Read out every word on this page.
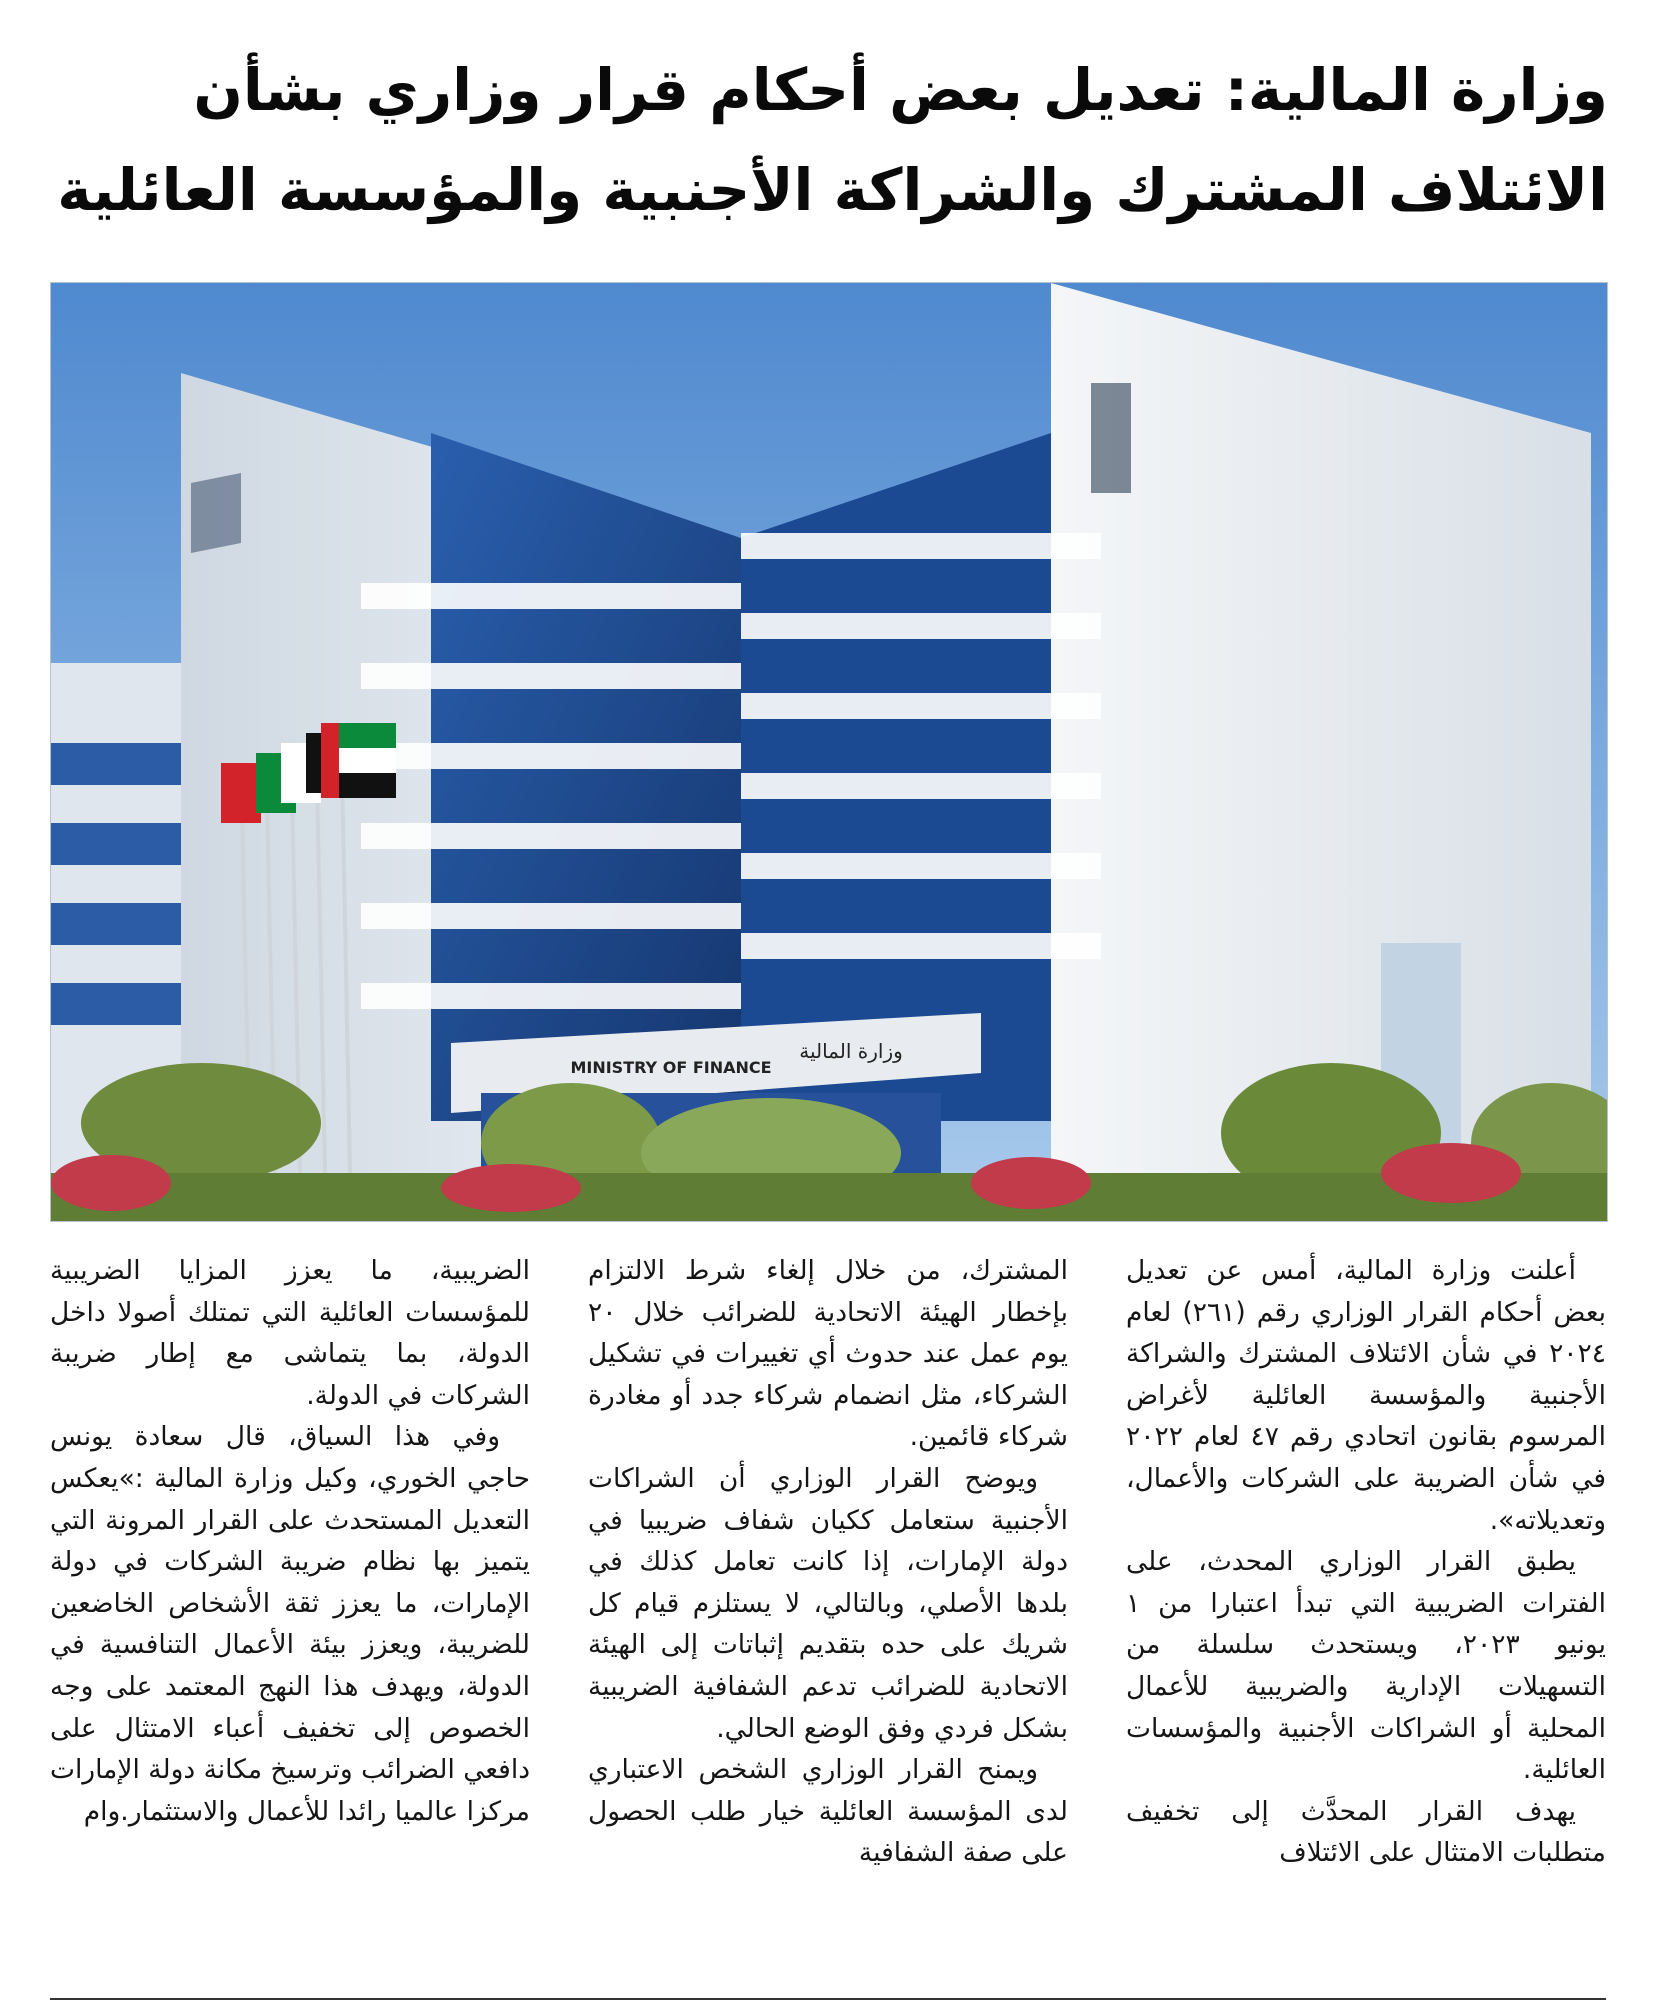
وزارة المالية: تعديل بعض أحكام قرار وزاري بشأن الائتلاف المشترك والشراكة الأجنبية والمؤسسة العائلية
وزارة المالية
MINISTRY OF FINANCE

أعلنت وزارة المالية، أمس عن تعديل بعض أحكام القرار الوزاري رقم (٢٦١) لعام ٢٠٢٤ في شأن الائتلاف المشترك والشراكة الأجنبية والمؤسسة العائلية لأغراض المرسوم بقانون اتحادي رقم ٤٧ لعام ٢٠٢٢ في شأن الضريبة على الشركات والأعمال، وتعديلاته».

يطبق القرار الوزاري المحدث، على الفترات الضريبية التي تبدأ اعتبارا من ١ يونيو ٢٠٢٣، ويستحدث سلسلة من التسهيلات الإدارية والضريبية للأعمال المحلية أو الشراكات الأجنبية والمؤسسات العائلية.

يهدف القرار المحدَّث إلى تخفيف متطلبات الامتثال على الائتلاف

المشترك، من خلال إلغاء شرط الالتزام بإخطار الهيئة الاتحادية للضرائب خلال ٢٠ يوم عمل عند حدوث أي تغييرات في تشكيل الشركاء، مثل انضمام شركاء جدد أو مغادرة شركاء قائمين.

ويوضح القرار الوزاري أن الشراكات الأجنبية ستعامل ككيان شفاف ضريبيا في دولة الإمارات، إذا كانت تعامل كذلك في بلدها الأصلي، وبالتالي، لا يستلزم قيام كل شريك على حده بتقديم إثباتات إلى الهيئة الاتحادية للضرائب تدعم الشفافية الضريبية بشكل فردي وفق الوضع الحالي.

ويمنح القرار الوزاري الشخص الاعتباري لدى المؤسسة العائلية خيار طلب الحصول على صفة الشفافية

الضريبية، ما يعزز المزايا الضريبية للمؤسسات العائلية التي تمتلك أصولا داخل الدولة، بما يتماشى مع إطار ضريبة الشركات في الدولة.

وفي هذا السياق، قال سعادة يونس حاجي الخوري، وكيل وزارة المالية :»يعكس التعديل المستحدث على القرار المرونة التي يتميز بها نظام ضريبة الشركات في دولة الإمارات، ما يعزز ثقة الأشخاص الخاضعين للضريبة، ويعزز بيئة الأعمال التنافسية في الدولة، ويهدف هذا النهج المعتمد على وجه الخصوص إلى تخفيف أعباء الامتثال على دافعي الضرائب وترسيخ مكانة دولة الإمارات مركزا عالميا رائدا للأعمال والاستثمار.وام
